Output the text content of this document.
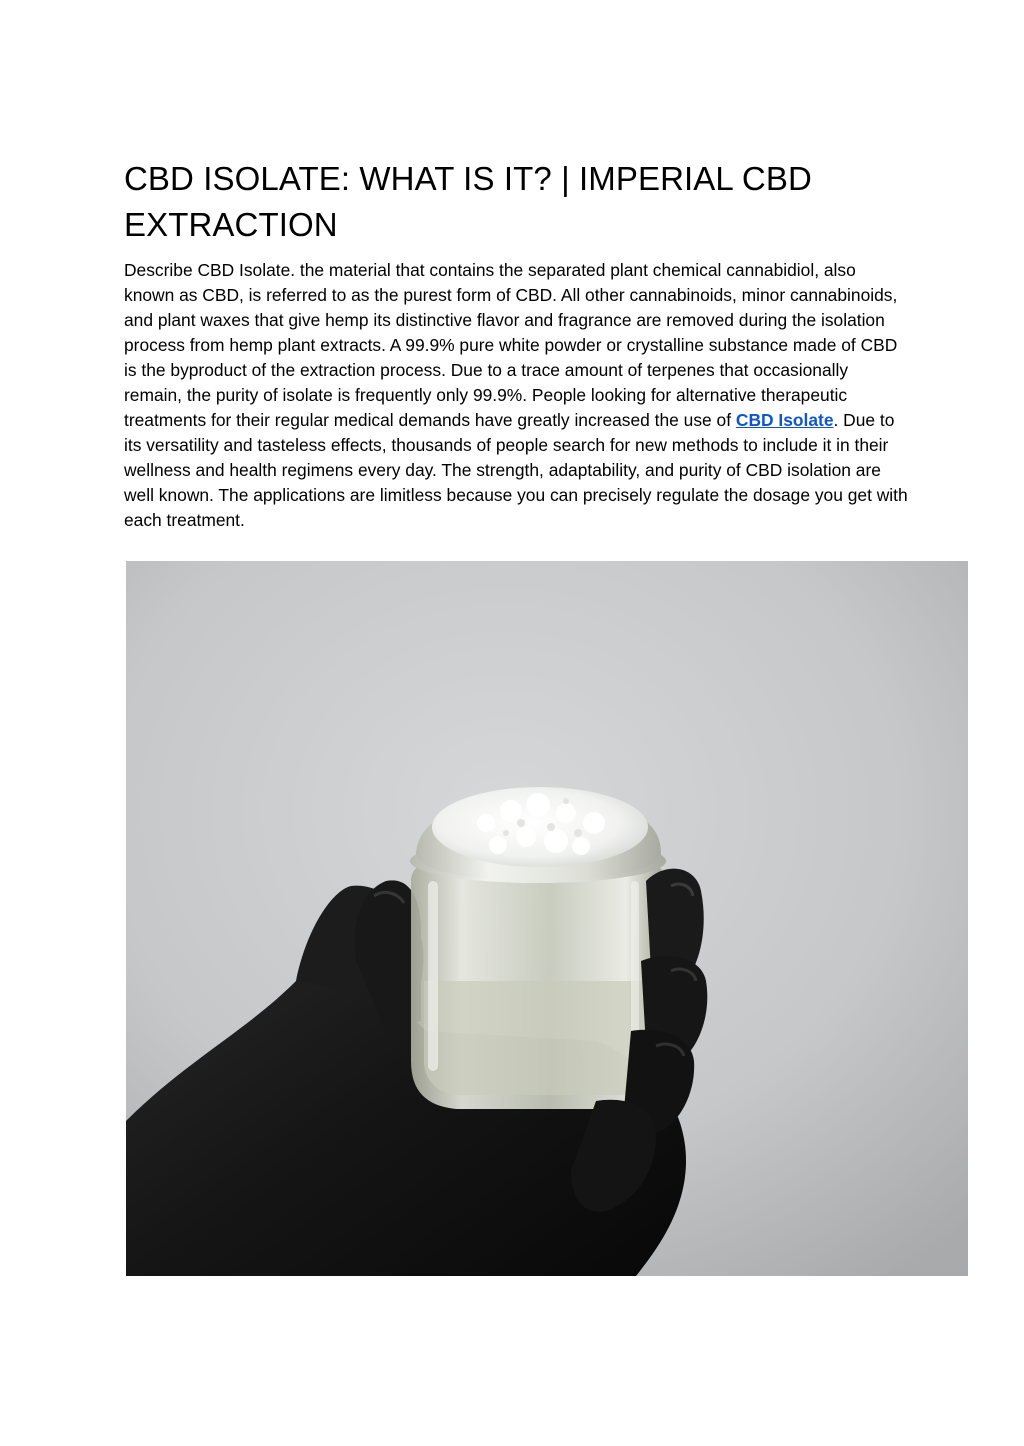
CBD ISOLATE: WHAT IS IT? | IMPERIAL CBD EXTRACTION

Describe CBD Isolate. the material that contains the separated plant chemical cannabidiol, also known as CBD, is referred to as the purest form of CBD. All other cannabinoids, minor cannabinoids, and plant waxes that give hemp its distinctive flavor and fragrance are removed during the isolation process from hemp plant extracts. A 99.9% pure white powder or crystalline substance made of CBD is the byproduct of the extraction process. Due to a trace amount of terpenes that occasionally remain, the purity of isolate is frequently only 99.9%. People looking for alternative therapeutic treatments for their regular medical demands have greatly increased the use of CBD Isolate. Due to its versatility and tasteless effects, thousands of people search for new methods to include it in their wellness and health regimens every day. The strength, adaptability, and purity of CBD isolation are well known. The applications are limitless because you can precisely regulate the dosage you get with each treatment.
